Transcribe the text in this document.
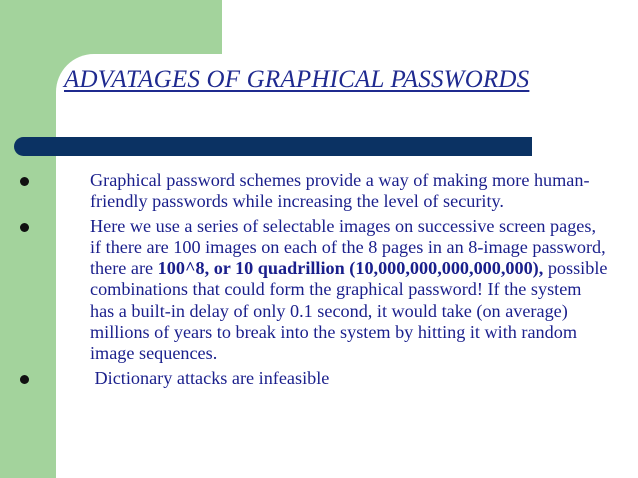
ADVATAGES OF GRAPHICAL PASSWORDS
Graphical password schemes provide a way of making more human-friendly passwords while increasing the level of security.
Here we use a series of selectable images on successive screen pages, if there are 100 images on each of the 8 pages in an 8-image password, there are 100^8, or 10 quadrillion (10,000,000,000,000,000), possible combinations that could form the graphical password! If the system has a built-in delay of only 0.1 second, it would take (on average) millions of years to break into the system by hitting it with random image sequences.
Dictionary attacks are infeasible
